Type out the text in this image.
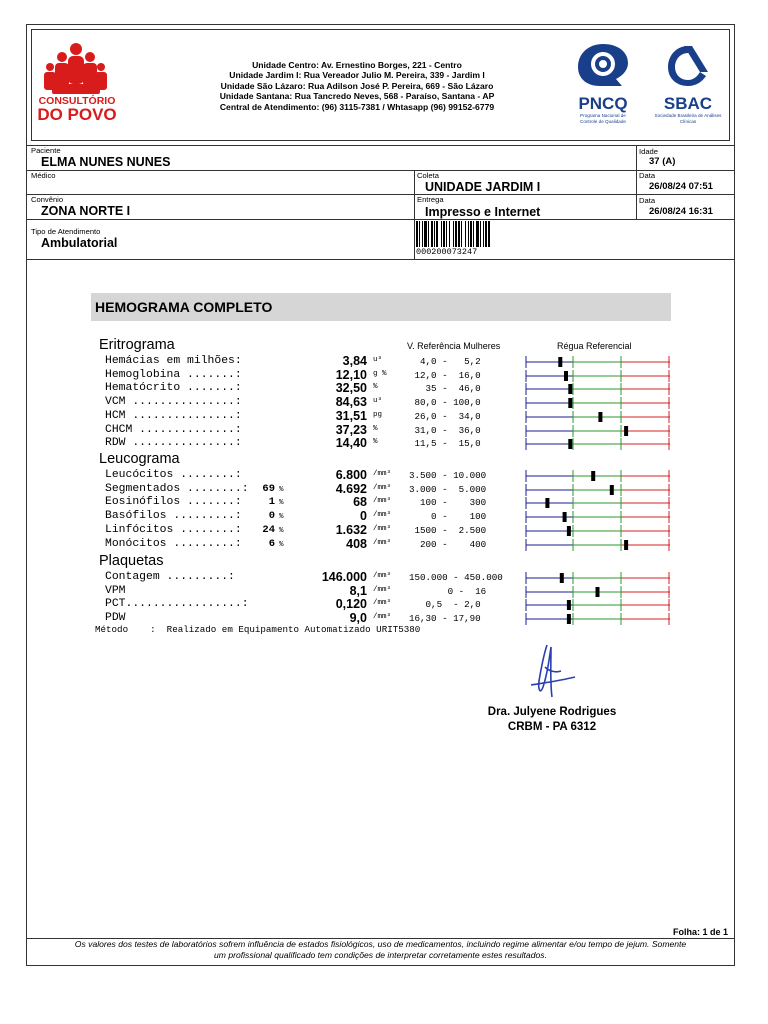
CONSULTÓRIO
DO POVO
Unidade Centro: Av. Ernestino Borges, 221 - Centro
Unidade Jardim I: Rua Vereador Julio M. Pereira, 339 - Jardim I
Unidade São Lázaro: Rua Adilson José P. Pereira, 669 - São Lázaro
Unidade Santana: Rua Tancredo Neves, 568 - Paraíso, Santana - AP
Central de Atendimento: (96) 3115-7381 / Whtasapp (96) 99152-6779	PNCQ
Programa Nacional de Controle de Qualidade
SBAC
Sociedade Brasileira de Análises Clínicas
Paciente
ELMA NUNES NUNES
Idade
37 (A)
Médico	Coleta
UNIDADE JARDIM I
Data
26/08/24 07:51
Convênio
ZONA NORTE I
Entrega
Impresso e Internet
Data
26/08/24 16:31
Tipo de Atendimento
Ambulatorial
000200073247
HEMOGRAMA COMPLETO
V. Referência Mulheres	Régua Referencial
Eritrograma
Hemácias em milhões:	3,84 u³	4,0 -   5,2
Hemoglobina .......:	12,10 g % 12,0 -  16,0
Hematócrito .......:	32,50 %	35 -  46,0
VCM ...............:	84,63 u³	80,0 - 100,0
HCM ...............:	31,51 pg	26,0 -  34,0
CHCM ..............:	37,23 %	31,0 -  36,0
RDW ...............:	14,40 %	11,5 -  15,0
Leucograma
Leucócitos ........:	6.800 /mm³ 3.500 - 10.000
Segmentados ........:	69 %	4.692 /mm³ 3.000 -  5.000
Eosinófilos .......:	1 %	68 /mm³ 100 -    300
Basófilos .........:	0 %	0 /mm³ 0 -    100
Linfócitos ........:	24 %	1.632 /mm³ 1500 -  2.500
Monócitos .........:	6 %	408 /mm³ 200 -    400
Plaquetas
Contagem .........:	146.000 /mm³ 150.000 - 450.000
VPM	8,1 /mm³ 0 -  16
PCT.................:	0,120 /mm³ 0,5  - 2,0
PDW	9,0 /mm³ 16,30 - 17,90
Método    :  Realizado em Equipamento Automatizado URIT5380
Dra. Julyene Rodrigues
CRBM - PA 6312
Folha: 1 de 1
Os valores dos testes de laboratórios sofrem influência de estados fisiológicos, uso de medicamentos, incluindo regime alimentar e/ou tempo de jejum. Somente
um profissional qualificado tem condições de interpretar corretamente estes resultados.
